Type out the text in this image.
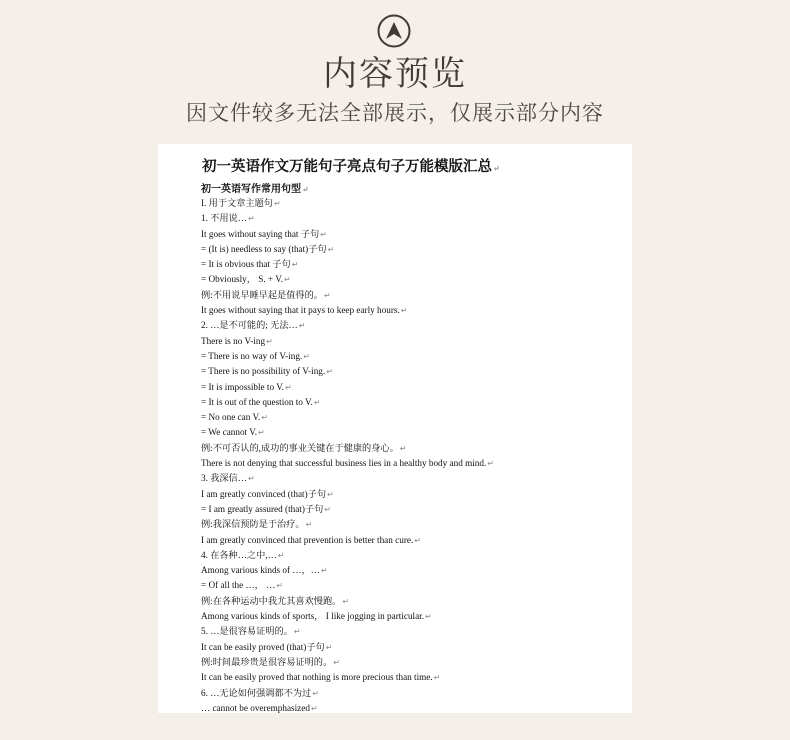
内容预览
因文件较多无法全部展示，仅展示部分内容
初一英语作文万能句子亮点句子万能模版汇总↵
初一英语写作常用句型↵
I. 用于文章主题句↵
1. 不用说…↵
It goes without saying that 子句↵
= (It is) needless to say (that)子句↵
= It is obvious that 子句↵
= Obviously， S. + V.↵
例:不用说早睡早起是值得的。↵
It goes without saying that it pays to keep early hours.↵
2. …是不可能的; 无法…↵
There is no V-ing↵
= There is no way of V-ing.↵
= There is no possibility of V-ing.↵
= It is impossible to V.↵
= It is out of the question to V.↵
= No one can V.↵
= We cannot V.↵
例:不可否认的,成功的事业关键在于健康的身心。↵
There is not denying that successful business lies in a healthy body and mind.↵
3. 我深信…↵
I am greatly convinced (that)子句↵
= I am greatly assured (that)子句↵
例:我深信预防是于治疗。↵
I am greatly convinced that prevention is better than cure.↵
4. 在各种…之中,…↵
Among various kinds of …，…↵
= Of all the …， …↵
例:在各种运动中我尤其喜欢慢跑。↵
Among various kinds of sports， I like jogging in particular.↵
5. …是很容易证明的。↵
It can be easily proved (that)子句↵
例:时间最珍贵是很容易证明的。↵
It can be easily proved that nothing is more precious than time.↵
6. …无论如何强调都不为过↵
… cannot be overemphasized↵
